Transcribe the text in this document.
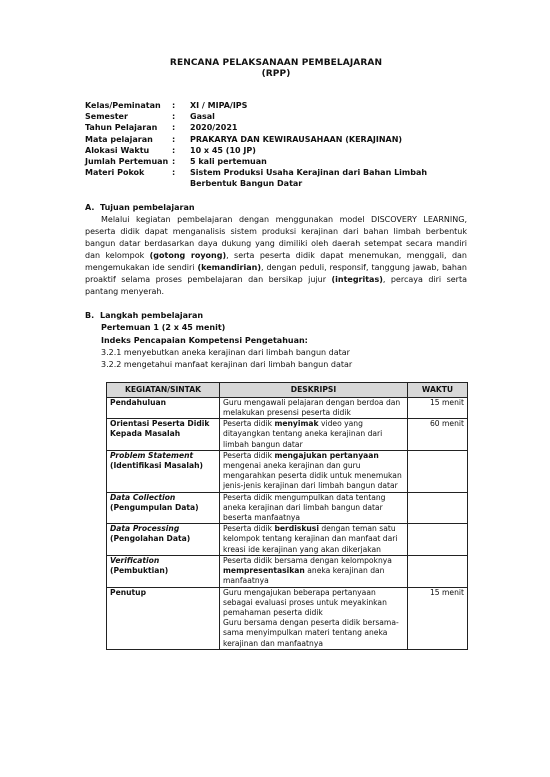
RENCANA PELAKSANAAN PEMBELAJARAN
(RPP)
Kelas/Peminatan	:	XI / MIPA/IPS
Semester	:	Gasal
Tahun Pelajaran	:	2020/2021
Mata pelajaran	:	PRAKARYA DAN KEWIRAUSAHAAN (KERAJINAN)
Alokasi Waktu	:	10 x 45 (10 JP)
Jumlah Pertemuan :	5 kali pertemuan
Materi Pokok	:	Sistem Produksi Usaha Kerajinan dari Bahan Limbah Berbentuk Bangun Datar
A. Tujuan pembelajaran

Melalui kegiatan pembelajaran dengan menggunakan model DISCOVERY LEARNING, peserta didik dapat menganalisis sistem produksi kerajinan dari bahan limbah berbentuk bangun datar berdasarkan daya dukung yang dimiliki oleh daerah setempat secara mandiri dan kelompok (gotong royong), serta peserta didik dapat menemukan, menggali, dan mengemukakan ide sendiri (kemandirian), dengan peduli, responsif, tanggung jawab, bahan proaktif selama proses pembelajaran dan bersikap jujur (integritas), percaya diri serta pantang menyerah.

B. Langkah pembelajaran
Pertemuan 1 (2 x 45 menit)
Indeks Pencapaian Kompetensi Pengetahuan:
3.2.1 menyebutkan aneka kerajinan dari limbah bangun datar
3.2.2 mengetahui manfaat kerajinan dari limbah bangun datar
KEGIATAN/SINTAK	DESKRIPSI	WAKTU

Pendahuluan	Guru mengawali pelajaran dengan berdoa dan melakukan presensi peserta didik	15 menit

Orientasi Peserta Didik
Kepada Masalah	Peserta didik menyimak video yang ditayangkan tentang aneka kerajinan dari limbah bangun datar	60 menit

Problem Statement
(Identifikasi Masalah)	Peserta didik mengajukan pertanyaan mengenai aneka kerajinan dan guru mengarahkan peserta didik untuk menemukan jenis-jenis kerajinan dari limbah bangun datar	

Data Collection
(Pengumpulan Data)	Peserta didik mengumpulkan data tentang aneka kerajinan dari limbah bangun datar beserta manfaatnya	

Data Processing
(Pengolahan Data)	Peserta didik berdiskusi dengan teman satu kelompok tentang kerajinan dan manfaat dari kreasi ide kerajinan yang akan dikerjakan	

Verification
(Pembuktian)	Peserta didik bersama dengan kelompoknya mempresentasikan aneka kerajinan dan manfaatnya	

Penutup	Guru mengajukan beberapa pertanyaan sebagai evaluasi proses untuk meyakinkan pemahaman peserta didik
Guru bersama dengan peserta didik bersama-sama menyimpulkan materi tentang aneka kerajinan dan manfaatnya	15 menit
